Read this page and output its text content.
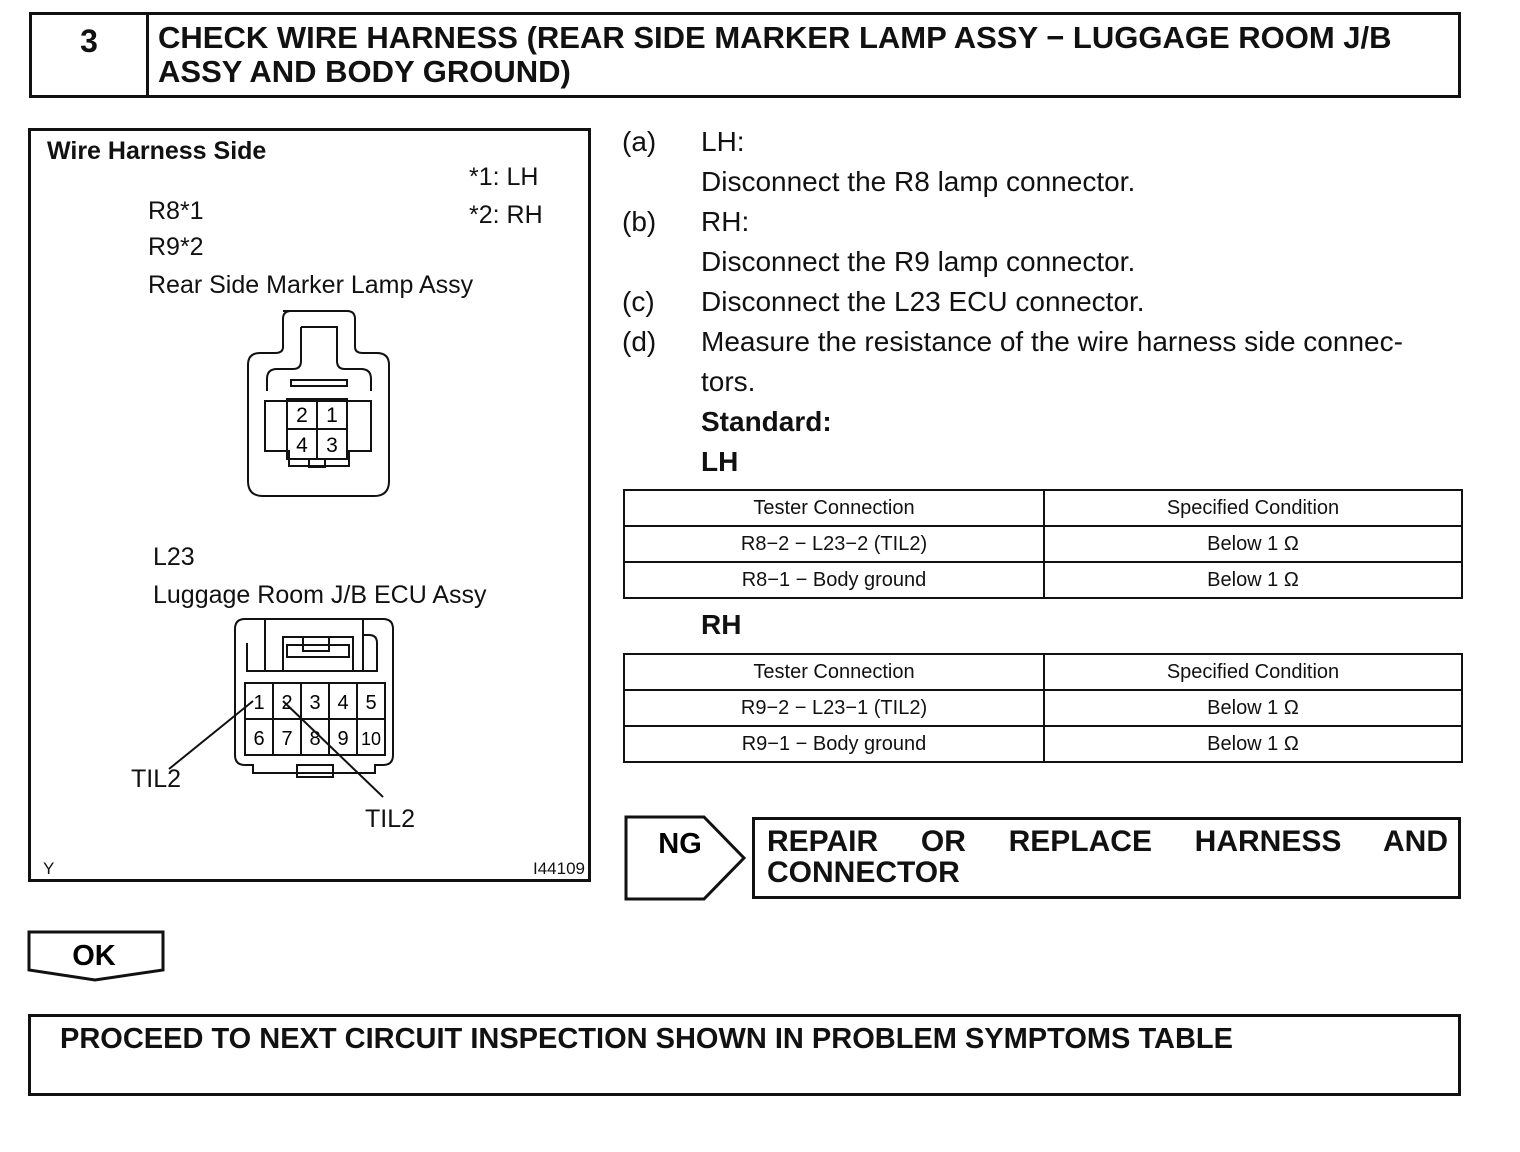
3	CHECK WIRE HARNESS (REAR SIDE MARKER LAMP ASSY − LUGGAGE ROOM J/B ASSY AND BODY GROUND)
Wire Harness Side
*1: LH
*2: RH
R8*1
R9*2
Rear Side Marker Lamp Assy
2 1
4 3
L23
Luggage Room J/B ECU Assy
1 2 3 4 5
6 7 8 9 10
TIL2
TIL2
Y	I44109
(a) LH:
Disconnect the R8 lamp connector.
(b) RH:
Disconnect the R9 lamp connector.
(c) Disconnect the L23 ECU connector.
(d) Measure the resistance of the wire harness side connec-
tors.
Standard:
LH
Tester Connection	Specified Condition
R8−2 − L23−2 (TIL2)	Below 1 Ω
R8−1 − Body ground	Below 1 Ω
RH
Tester Connection	Specified Condition
R9−2 − L23−1 (TIL2)	Below 1 Ω
R9−1 − Body ground	Below 1 Ω
NG REPAIR OR REPLACE HARNESS AND CONNECTOR
OK
PROCEED TO NEXT CIRCUIT INSPECTION SHOWN IN PROBLEM SYMPTOMS TABLE
